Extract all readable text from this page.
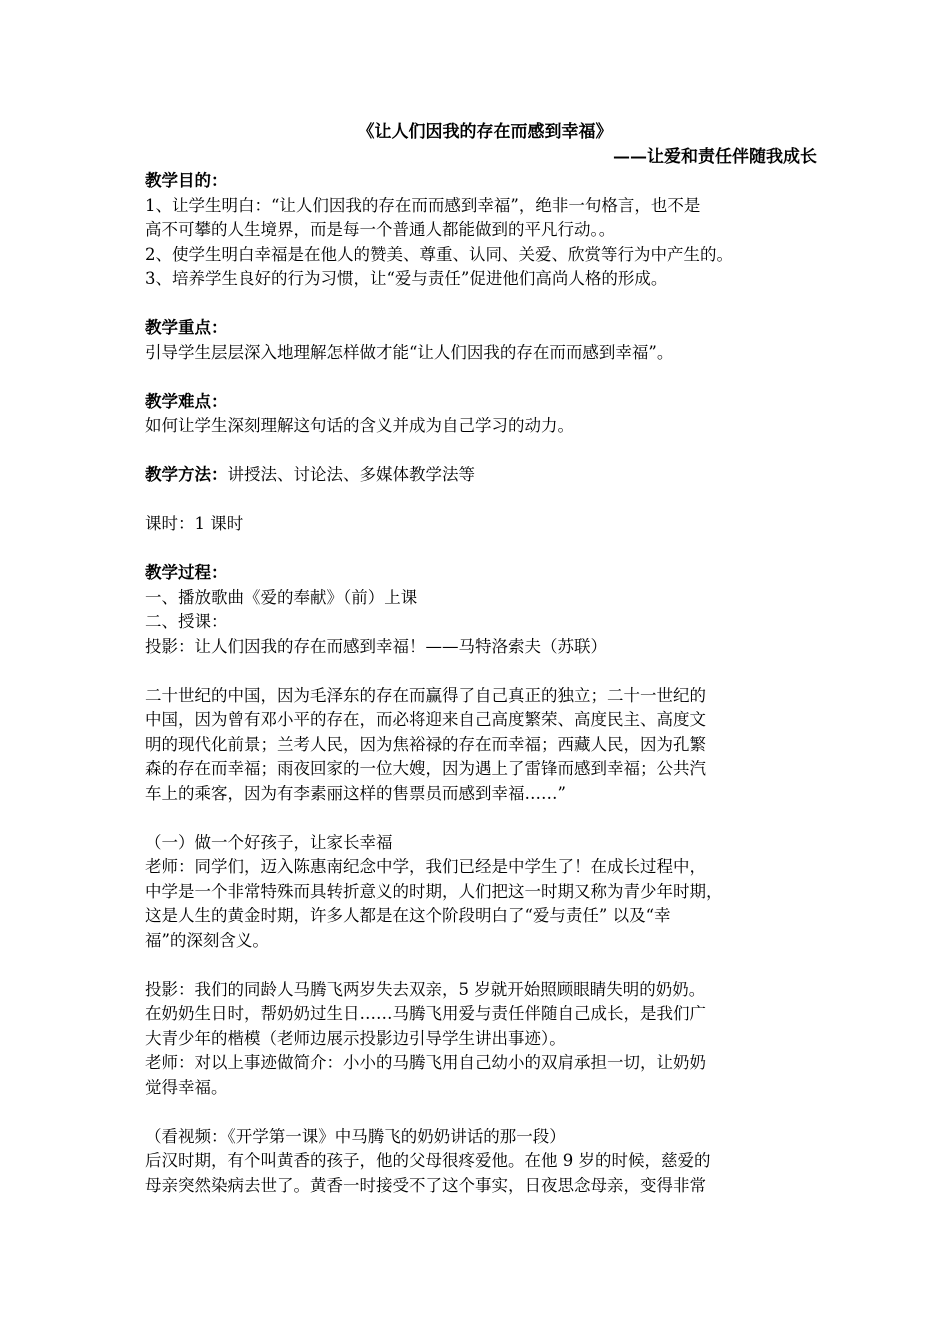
《让人们因我的存在而感到幸福》
——让爱和责任伴随我成长
教学目的：
1、让学生明白：“让人们因我的存在而而感到幸福”，绝非一句格言，也不是
高不可攀的人生境界，而是每一个普通人都能做到的平凡行动。。
2、使学生明白幸福是在他人的赞美、尊重、认同、关爱、欣赏等行为中产生的。
3、培养学生良好的行为习惯，让“爱与责任”促进他们高尚人格的形成。
教学重点：
引导学生层层深入地理解怎样做才能“让人们因我的存在而而感到幸福”。
教学难点：
如何让学生深刻理解这句话的含义并成为自己学习的动力。
教学方法：讲授法、讨论法、多媒体教学法等
课时：1 课时
教学过程：
一、播放歌曲《爱的奉献》（前）上课
二、授课：
投影：让人们因我的存在而感到幸福！——马特洛索夫（苏联）
二十世纪的中国，因为毛泽东的存在而赢得了自己真正的独立；二十一世纪的
中国，因为曾有邓小平的存在，而必将迎来自己高度繁荣、高度民主、高度文
明的现代化前景；兰考人民，因为焦裕禄的存在而幸福；西藏人民，因为孔繁
森的存在而幸福；雨夜回家的一位大嫂，因为遇上了雷锋而感到幸福；公共汽
车上的乘客，因为有李素丽这样的售票员而感到幸福……”
（一）做一个好孩子，让家长幸福
老师：同学们，迈入陈惠南纪念中学，我们已经是中学生了！在成长过程中，
中学是一个非常特殊而具转折意义的时期，人们把这一时期又称为青少年时期，
这是人生的黄金时期，许多人都是在这个阶段明白了“爱与责任” 以及“幸
福”的深刻含义。
投影：我们的同龄人马腾飞两岁失去双亲，5 岁就开始照顾眼睛失明的奶奶。
在奶奶生日时，帮奶奶过生日……马腾飞用爱与责任伴随自己成长，是我们广
大青少年的楷模（老师边展示投影边引导学生讲出事迹）。
老师：对以上事迹做简介：小小的马腾飞用自己幼小的双肩承担一切，让奶奶
觉得幸福。
（看视频：《开学第一课》中马腾飞的奶奶讲话的那一段）
后汉时期，有个叫黄香的孩子，他的父母很疼爱他。在他 9 岁的时候，慈爱的
母亲突然染病去世了。黄香一时接受不了这个事实，日夜思念母亲，变得非常
